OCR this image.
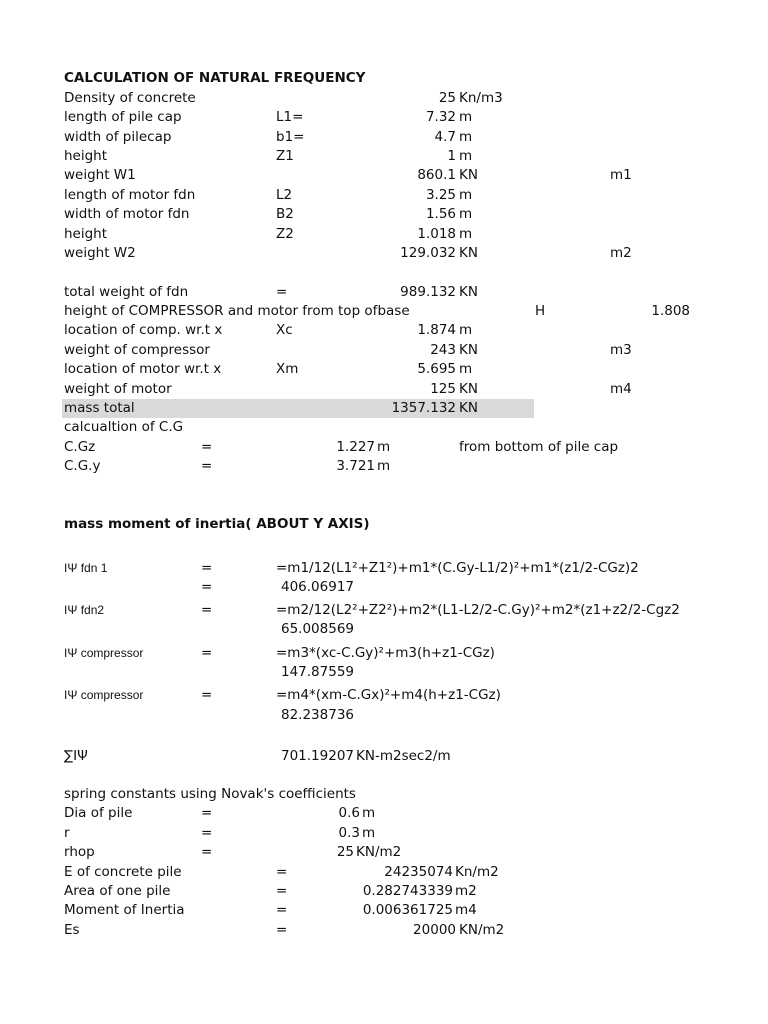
CALCULATION OF NATURAL FREQUENCY
Density of concrete	25 Kn/m3
length of pile cap	L1=	7.32 m
width of pilecap	b1=	4.7 m
height	Z1	1 m
weight W1	860.1 KN	m1
length of motor fdn	L2	3.25 m
width of motor fdn	B2	1.56 m
height	Z2	1.018 m
weight W2	129.032 KN	m2
total weight of fdn	=	989.132 KN
height of COMPRESSOR and motor from top ofbase	H	1.808
location of comp. wr.t x	Xc	1.874 m
weight of compressor	243 KN	m3
location of motor wr.t x	Xm	5.695 m
weight of motor	125 KN	m4
mass total	1357.132 KN
calcualtion of C.G
C.Gz	=	1.227 m	from bottom of pile cap
C.G.y	=	3.721 m
mass moment of inertia( ABOUT Y AXIS)
IΨ fdn 1	=	=m1/12(L1²+Z1²)+m1*(C.Gy-L1/2)²+m1*(z1/2-CGz)2
=	406.06917
IΨ fdn2	=	=m2/12(L2²+Z2²)+m2*(L1-L2/2-C.Gy)²+m2*(z1+z2/2-Cgz2
65.008569
IΨ compressor	=	=m3*(xc-C.Gy)²+m3(h+z1-CGz)
147.87559
IΨ compressor	=	=m4*(xm-C.Gx)²+m4(h+z1-CGz)
82.238736
∑IΨ	701.19207 KN-m2sec2/m
spring constants using Novak's coefficients
Dia of pile	=	0.6 m
r	=	0.3 m
rhop	=	25 KN/m2
E of concrete pile	=	24235074 Kn/m2
Area of one pile	=	0.282743339 m2
Moment of Inertia	=	0.006361725 m4
Es	=	20000 KN/m2
